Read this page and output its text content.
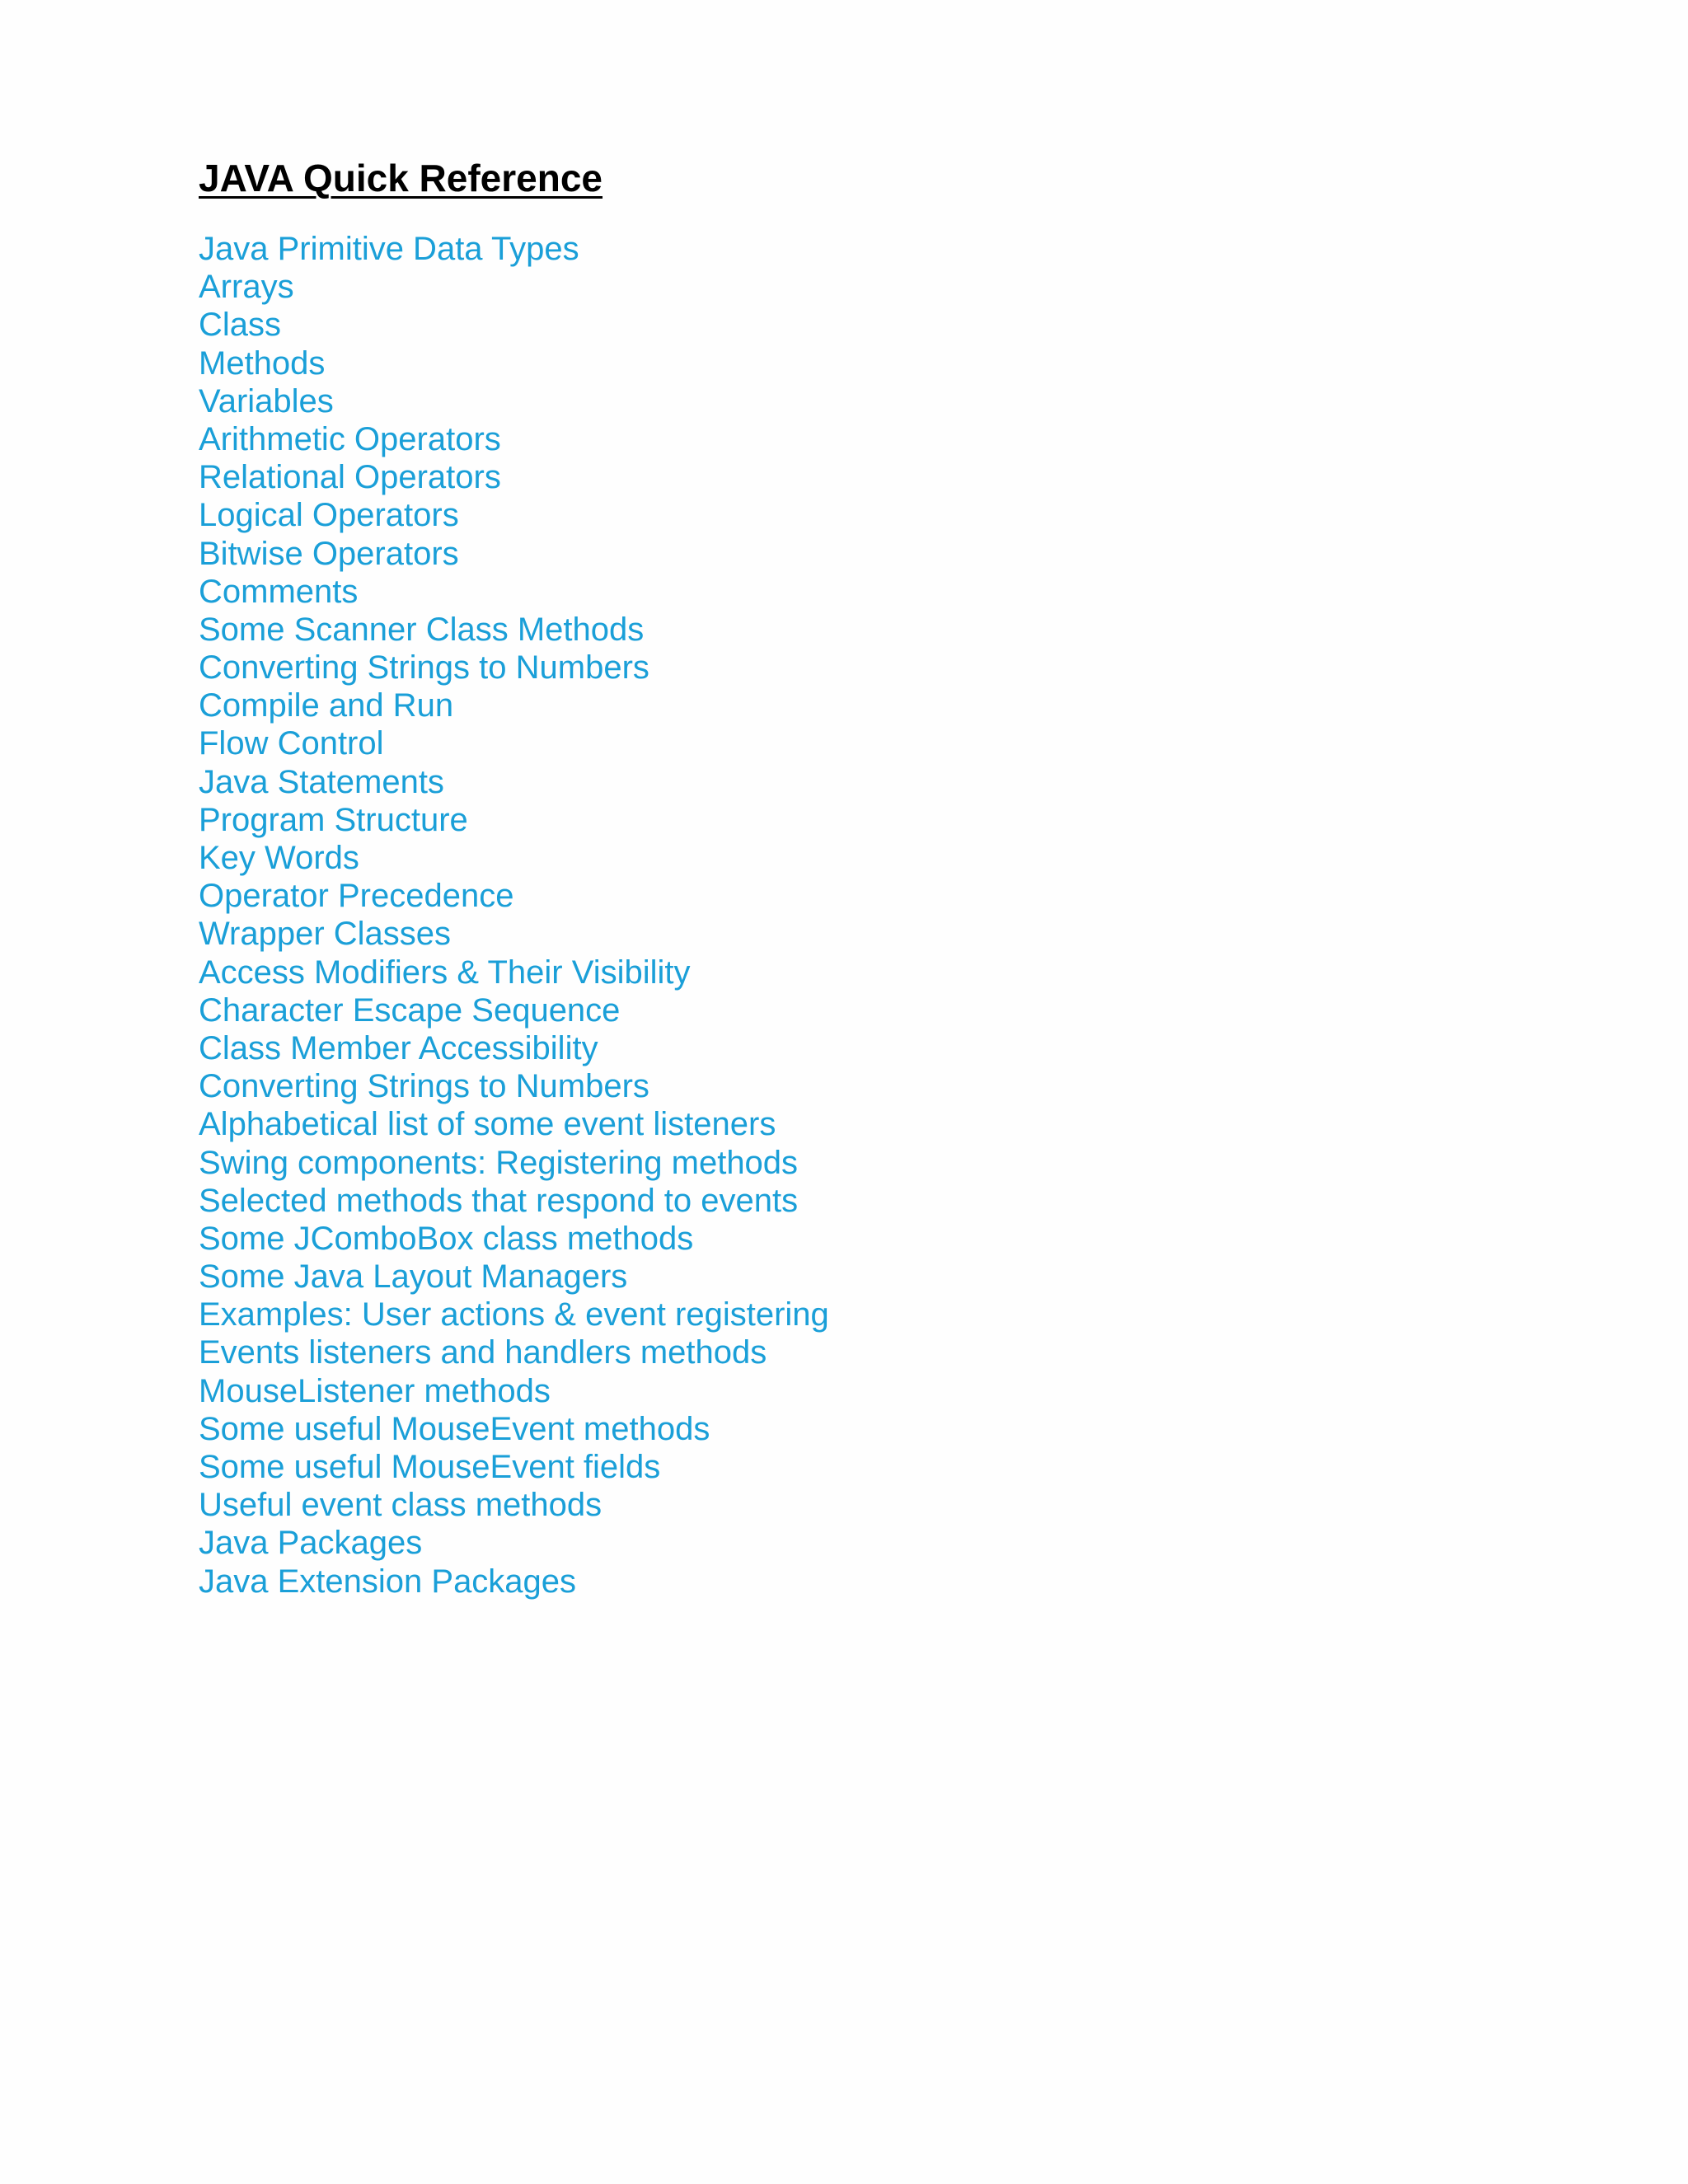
JAVA Quick Reference
Java Primitive Data Types
Arrays
Class
Methods
Variables
Arithmetic Operators
Relational Operators
Logical Operators
Bitwise Operators
Comments
Some Scanner Class Methods
Converting Strings to Numbers
Compile and Run
Flow Control
Java Statements
Program Structure
Key Words
Operator Precedence
Wrapper Classes
Access Modifiers & Their Visibility
Character Escape Sequence
Class Member Accessibility
Converting Strings to Numbers
Alphabetical list of some event listeners
Swing components: Registering methods
Selected methods that respond to events
Some JComboBox class methods
Some Java Layout Managers
Examples: User actions & event registering
Events listeners and handlers methods
MouseListener methods
Some useful MouseEvent methods
Some useful MouseEvent fields
Useful event class methods
Java Packages
Java Extension Packages
